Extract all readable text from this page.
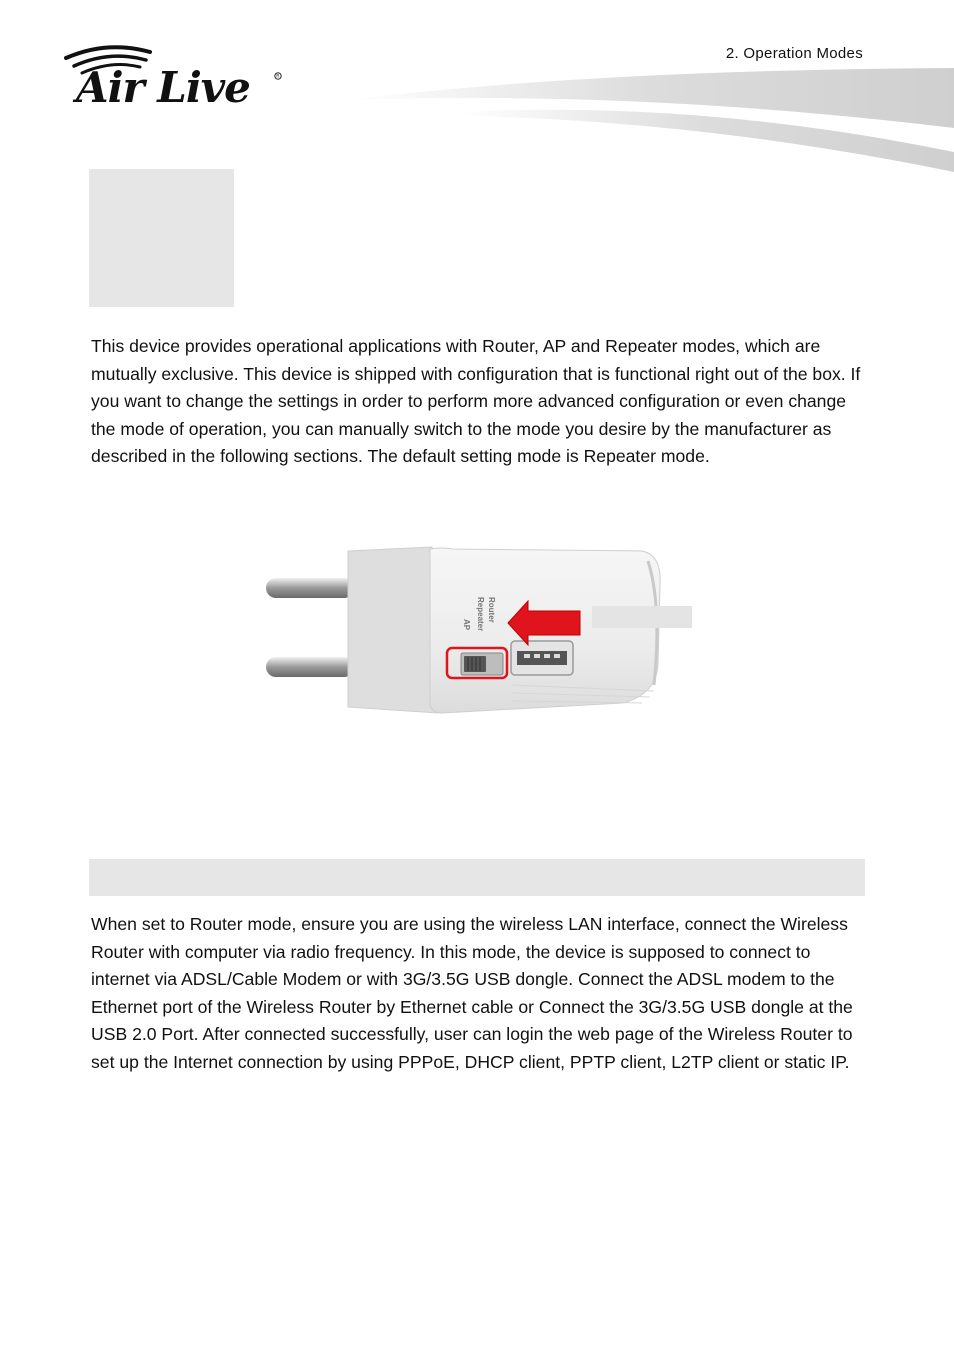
2. Operation Modes
Air Live	R

This device provides operational applications with Router, AP and Repeater modes, which are mutually exclusive. This device is shipped with configuration that is functional right out of the box. If you want to change the settings in order to perform more advanced configuration or even change the mode of operation, you can manually switch to the mode you desire by the manufacturer as described in the following sections. The default setting mode is Repeater mode.

Router
Repeater
AP

When set to Router mode, ensure you are using the wireless LAN interface, connect the Wireless Router with computer via radio frequency. In this mode, the device is supposed to connect to internet via ADSL/Cable Modem or with 3G/3.5G USB dongle. Connect the ADSL modem to the Ethernet port of the Wireless Router by Ethernet cable or Connect the 3G/3.5G USB dongle at the USB 2.0 Port. After connected successfully, user can login the web page of the Wireless Router to set up the Internet connection by using PPPoE, DHCP client, PPTP client, L2TP client or static IP.
